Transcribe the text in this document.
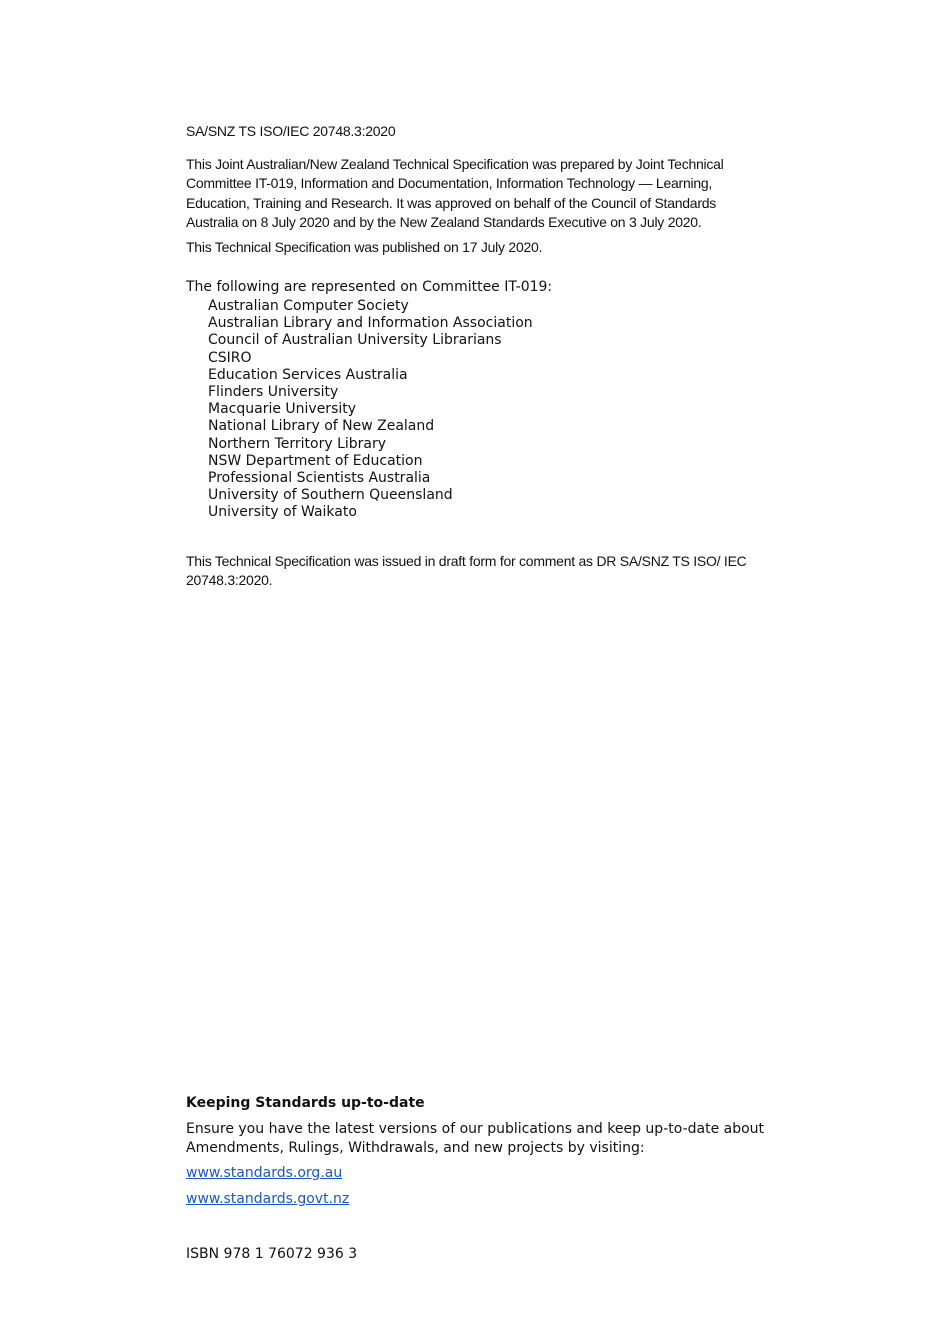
SA/SNZ TS ISO/IEC 20748.3:2020
This Joint Australian/New Zealand Technical Specification was prepared by Joint Technical Committee IT-019, Information and Documentation, Information Technology — Learning, Education, Training and Research. It was approved on behalf of the Council of Standards Australia on 8 July 2020 and by the New Zealand Standards Executive on 3 July 2020.
This Technical Specification was published on 17 July 2020.
The following are represented on Committee IT-019:
Australian Computer Society
Australian Library and Information Association
Council of Australian University Librarians
CSIRO
Education Services Australia
Flinders University
Macquarie University
National Library of New Zealand
Northern Territory Library
NSW Department of Education
Professional Scientists Australia
University of Southern Queensland
University of Waikato
This Technical Specification was issued in draft form for comment as DR SA/SNZ TS ISO/ IEC 20748.3:2020.
Keeping Standards up-to-date
Ensure you have the latest versions of our publications and keep up-to-date about Amendments, Rulings, Withdrawals, and new projects by visiting:
www.standards.org.au
www.standards.govt.nz
ISBN 978 1 76072 936 3
